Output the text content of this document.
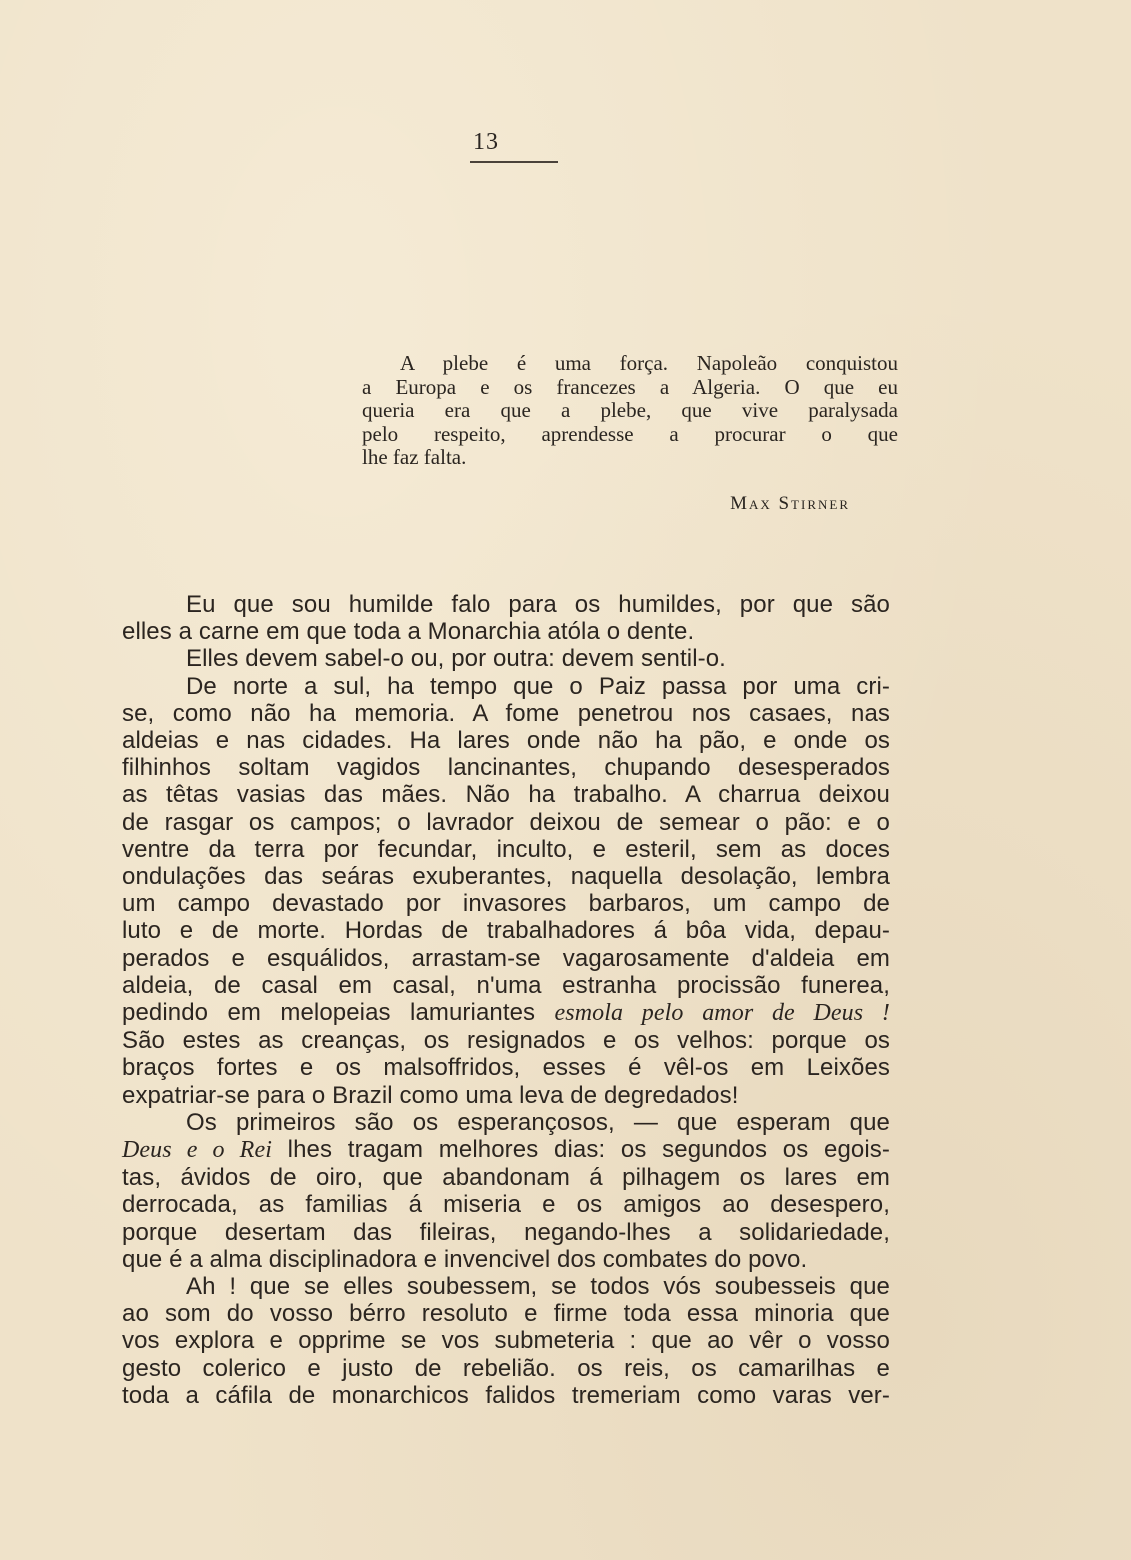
13
A plebe é uma força. Napoleão conquistou
a Europa e os francezes a Algeria. O que eu
queria era que a plebe, que vive paralysada
pelo respeito, aprendesse a procurar o que
lhe faz falta.
Max Stirner
Eu que sou humilde falo para os humildes, por que são
elles a carne em que toda a Monarchia atóla o dente.
Elles devem sabel-o ou, por outra: devem sentil-o.
De norte a sul, ha tempo que o Paiz passa por uma cri-
se, como não ha memoria. A fome penetrou nos casaes, nas
aldeias e nas cidades. Ha lares onde não ha pão, e onde os
filhinhos soltam vagidos lancinantes, chupando desesperados
as têtas vasias das mães. Não ha trabalho. A charrua deixou
de rasgar os campos; o lavrador deixou de semear o pão: e o
ventre da terra por fecundar, inculto, e esteril, sem as doces
ondulações das seáras exuberantes, naquella desolação, lembra
um campo devastado por invasores barbaros, um campo de
luto e de morte. Hordas de trabalhadores á bôa vida, depau-
perados e esquálidos, arrastam-se vagarosamente d'aldeia em
aldeia, de casal em casal, n'uma estranha procissão funerea,
pedindo em melopeias lamuriantes esmola pelo amor de Deus !
São estes as creanças, os resignados e os velhos: porque os
braços fortes e os malsoffridos, esses é vêl-os em Leixões
expatriar-se para o Brazil como uma leva de degredados!
Os primeiros são os esperançosos, — que esperam que
Deus e o Rei lhes tragam melhores dias: os segundos os egois-
tas, ávidos de oiro, que abandonam á pilhagem os lares em
derrocada, as familias á miseria e os amigos ao desespero,
porque desertam das fileiras, negando-lhes a solidariedade,
que é a alma disciplinadora e invencivel dos combates do povo.
Ah ! que se elles soubessem, se todos vós soubesseis que
ao som do vosso bérro resoluto e firme toda essa minoria que
vos explora e opprime se vos submeteria : que ao vêr o vosso
gesto colerico e justo de rebelião. os reis, os camarilhas e
toda a cáfila de monarchicos falidos tremeriam como varas ver-
